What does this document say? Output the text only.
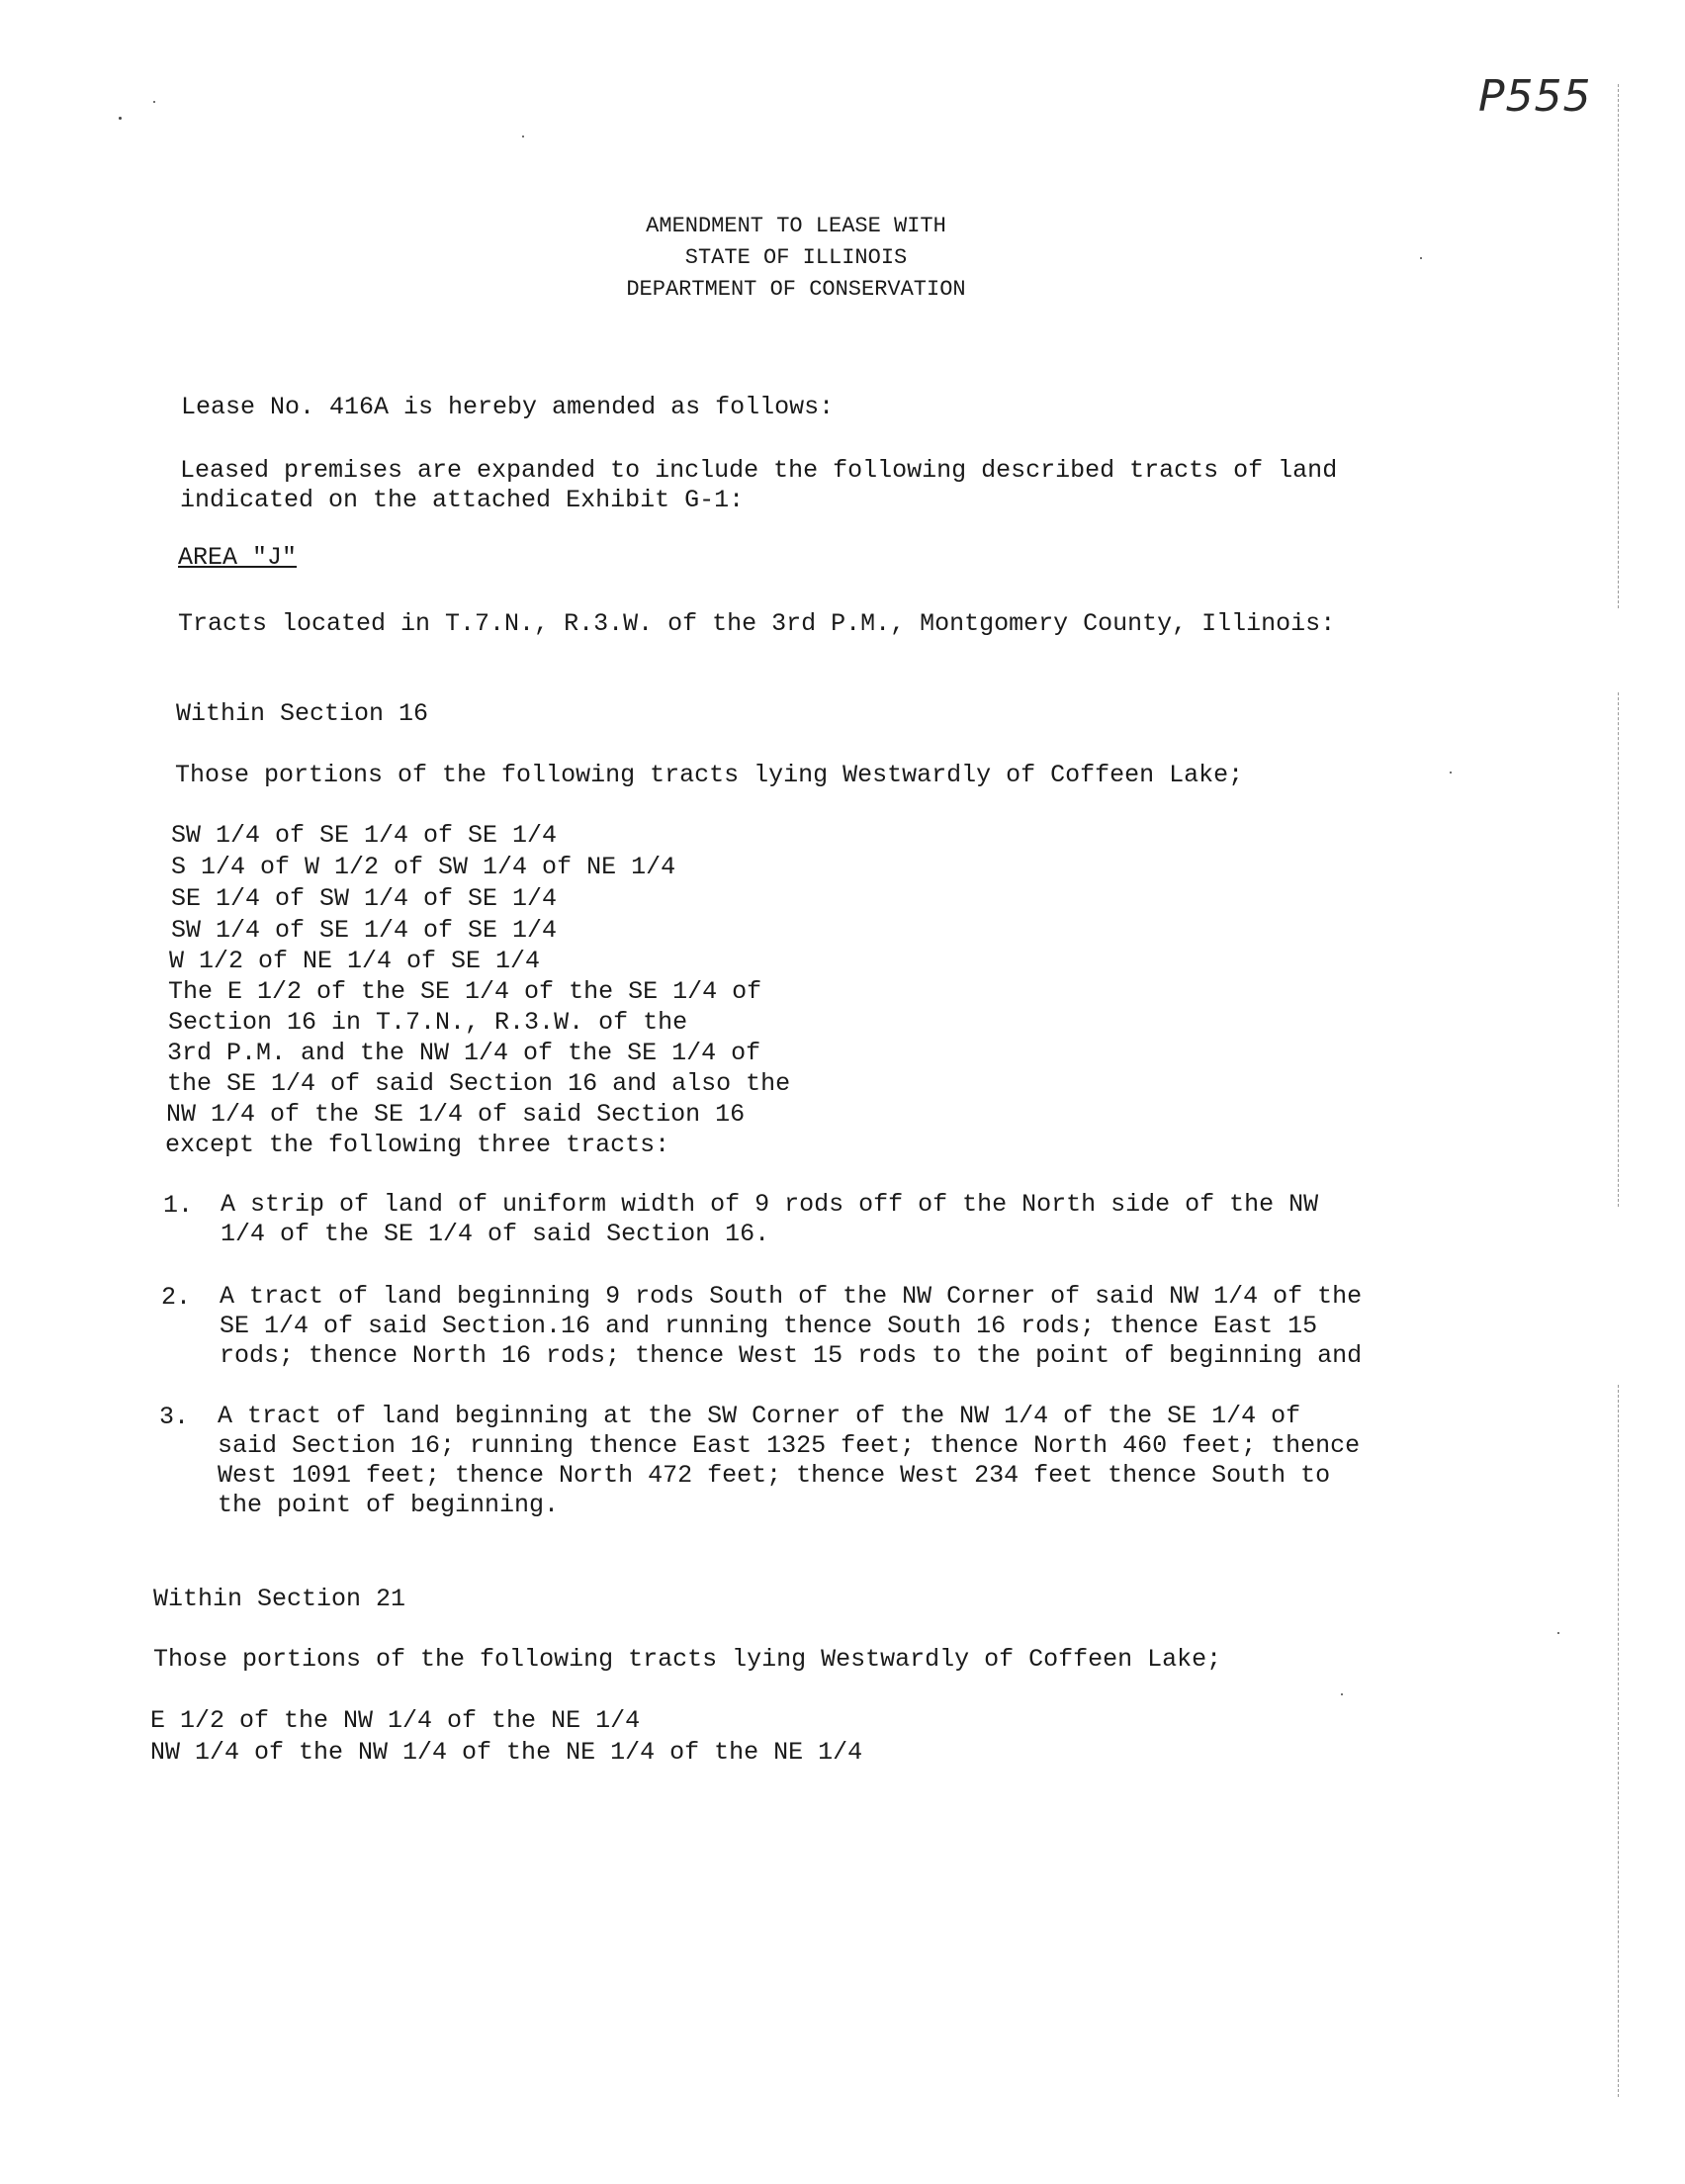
P555
AMENDMENT TO LEASE WITH
STATE OF ILLINOIS
DEPARTMENT OF CONSERVATION
Lease No. 416A is hereby amended as follows:
Leased premises are expanded to include the following described tracts of land
indicated on the attached Exhibit G-1:
AREA "J"
Tracts located in T.7.N., R.3.W. of the 3rd P.M., Montgomery County, Illinois:
Within Section 16
Those portions of the following tracts lying Westwardly of Coffeen Lake;
SW 1/4 of SE 1/4 of SE 1/4
S 1/4 of W 1/2 of SW 1/4 of NE 1/4
SE 1/4 of SW 1/4 of SE 1/4
SW 1/4 of SE 1/4 of SE 1/4
W 1/2 of NE 1/4 of SE 1/4
The E 1/2 of the SE 1/4 of the SE 1/4 of
Section 16 in T.7.N., R.3.W. of the
3rd P.M. and the NW 1/4 of the SE 1/4 of
the SE 1/4 of said Section 16 and also the
NW 1/4 of the SE 1/4 of said Section 16
except the following three tracts:
1. A strip of land of uniform width of 9 rods off of the North side of the NW
1/4 of the SE 1/4 of said Section 16.
2. A tract of land beginning 9 rods South of the NW Corner of said NW 1/4 of the
SE 1/4 of said Section.16 and running thence South 16 rods; thence East 15
rods; thence North 16 rods; thence West 15 rods to the point of beginning and
3. A tract of land beginning at the SW Corner of the NW 1/4 of the SE 1/4 of
said Section 16; running thence East 1325 feet; thence North 460 feet; thence
West 1091 feet; thence North 472 feet; thence West 234 feet thence South to
the point of beginning.
Within Section 21
Those portions of the following tracts lying Westwardly of Coffeen Lake;
E 1/2 of the NW 1/4 of the NE 1/4
NW 1/4 of the NW 1/4 of the NE 1/4 of the NE 1/4
